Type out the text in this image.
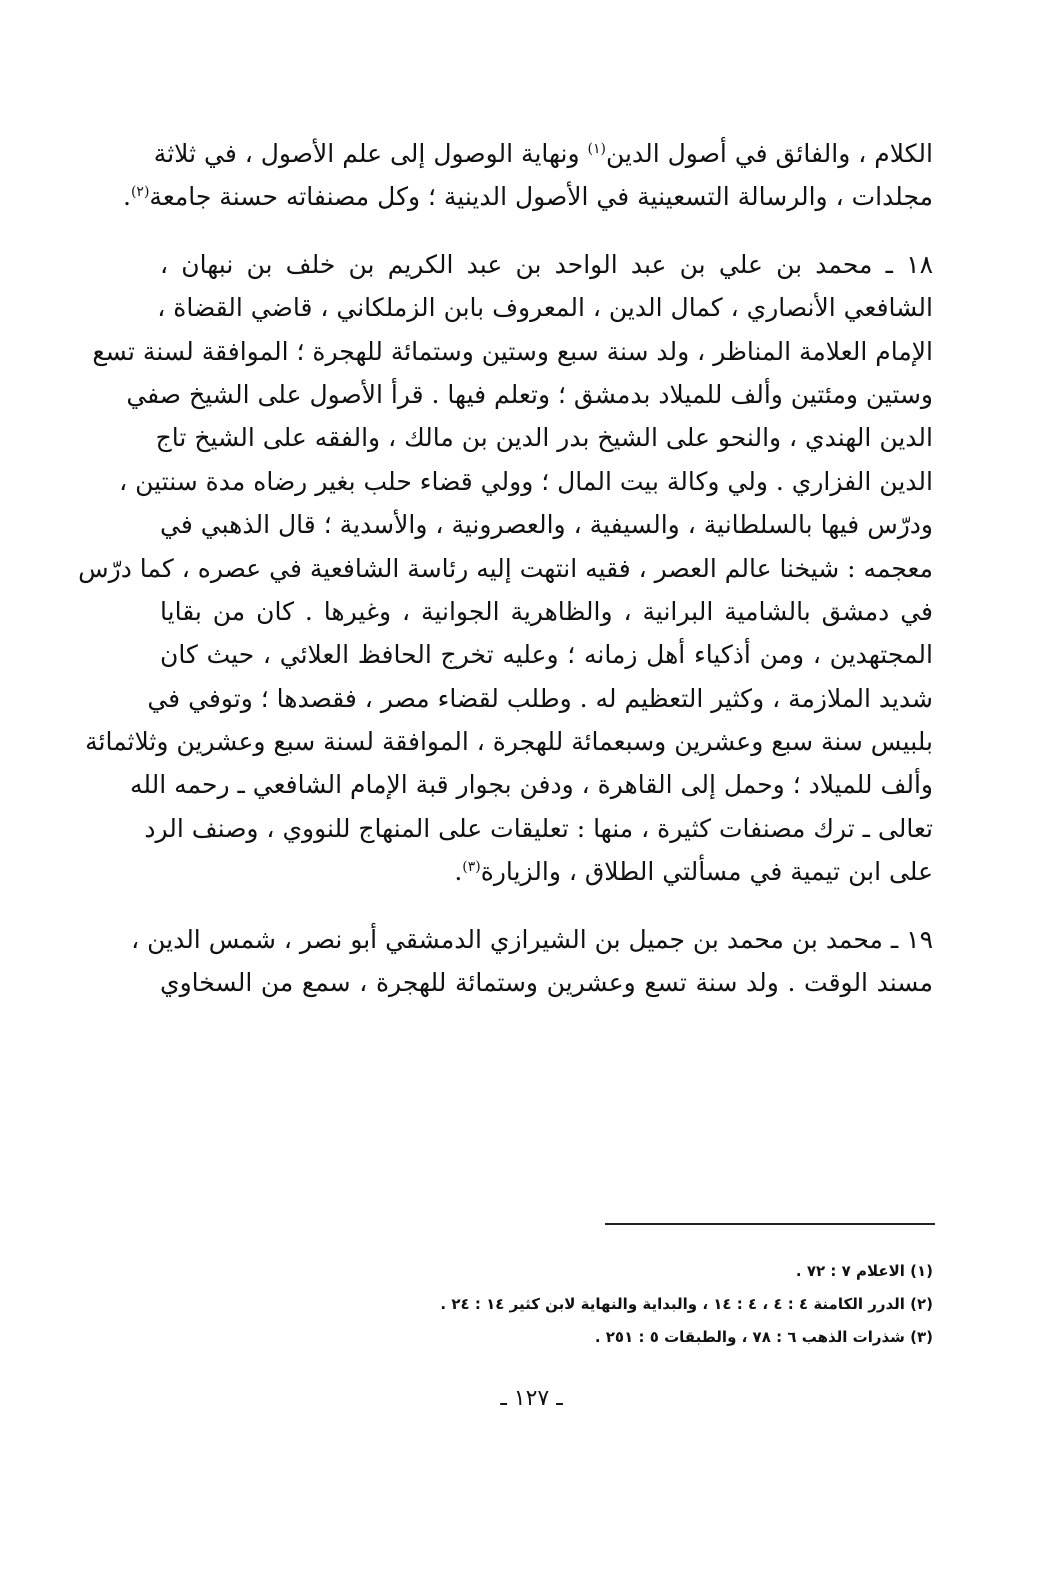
الكلام ، والفائق في أصول الدين$^{(١)}$ ونهاية الوصول إلى علم الأصول ، في ثلاثة
مجلدات ، والرسالة التسعينية في الأصول الدينية ؛ وكل مصنفاته حسنة جامعة$^{(٢)}$.
١٨ ـ محمد بن علي بن عبد الواحد بن عبد الكريم بن خلف بن نبهان ،
الشافعي الأنصاري ، كمال الدين ، المعروف بابن الزملكاني ، قاضي القضاة ،
الإمام العلامة المناظر ، ولد سنة سبع وستين وستمائة للهجرة ؛ الموافقة لسنة تسع
وستين ومئتين وألف للميلاد بدمشق ؛ وتعلم فيها . قرأ الأصول على الشيخ صفي
الدين الهندي ، والنحو على الشيخ بدر الدين بن مالك ، والفقه على الشيخ تاج
الدين الفزاري . ولي وكالة بيت المال ؛ وولي قضاء حلب بغير رضاه مدة سنتين ،
ودرّس فيها بالسلطانية ، والسيفية ، والعصرونية ، والأسدية ؛ قال الذهبي في
معجمه : شيخنا عالم العصر ، فقيه انتهت إليه رئاسة الشافعية في عصره ، كما درّس
في دمشق بالشامية البرانية ، والظاهرية الجوانية ، وغيرها . كان من بقايا
المجتهدين ، ومن أذكياء أهل زمانه ؛ وعليه تخرج الحافظ العلائي ، حيث كان
شديد الملازمة ، وكثير التعظيم له . وطلب لقضاء مصر ، فقصدها ؛ وتوفي في
بلبيس سنة سبع وعشرين وسبعمائة للهجرة ، الموافقة لسنة سبع وعشرين وثلاثمائة
وألف للميلاد ؛ وحمل إلى القاهرة ، ودفن بجوار قبة الإمام الشافعي ـ رحمه الله
تعالى ـ ترك مصنفات كثيرة ، منها : تعليقات على المنهاج للنووي ، وصنف الرد
على ابن تيمية في مسألتي الطلاق ، والزيارة$^{(٣)}$.
١٩ ـ محمد بن محمد بن جميل بن الشيرازي الدمشقي أبو نصر ، شمس الدين ،
مسند الوقت . ولد سنة تسع وعشرين وستمائة للهجرة ، سمع من السخاوي
(١) الاعلام ٧ : ٧٢ .
(٢) الدرر الكامنة ٤ : ٤ ، ٤ : ١٤ ، والبداية والنهاية لابن كثير ١٤ : ٢٤ .
(٣) شذرات الذهب ٦ : ٧٨ ، والطبقات ٥ : ٢٥١ .
ـ ١٢٧ ـ
